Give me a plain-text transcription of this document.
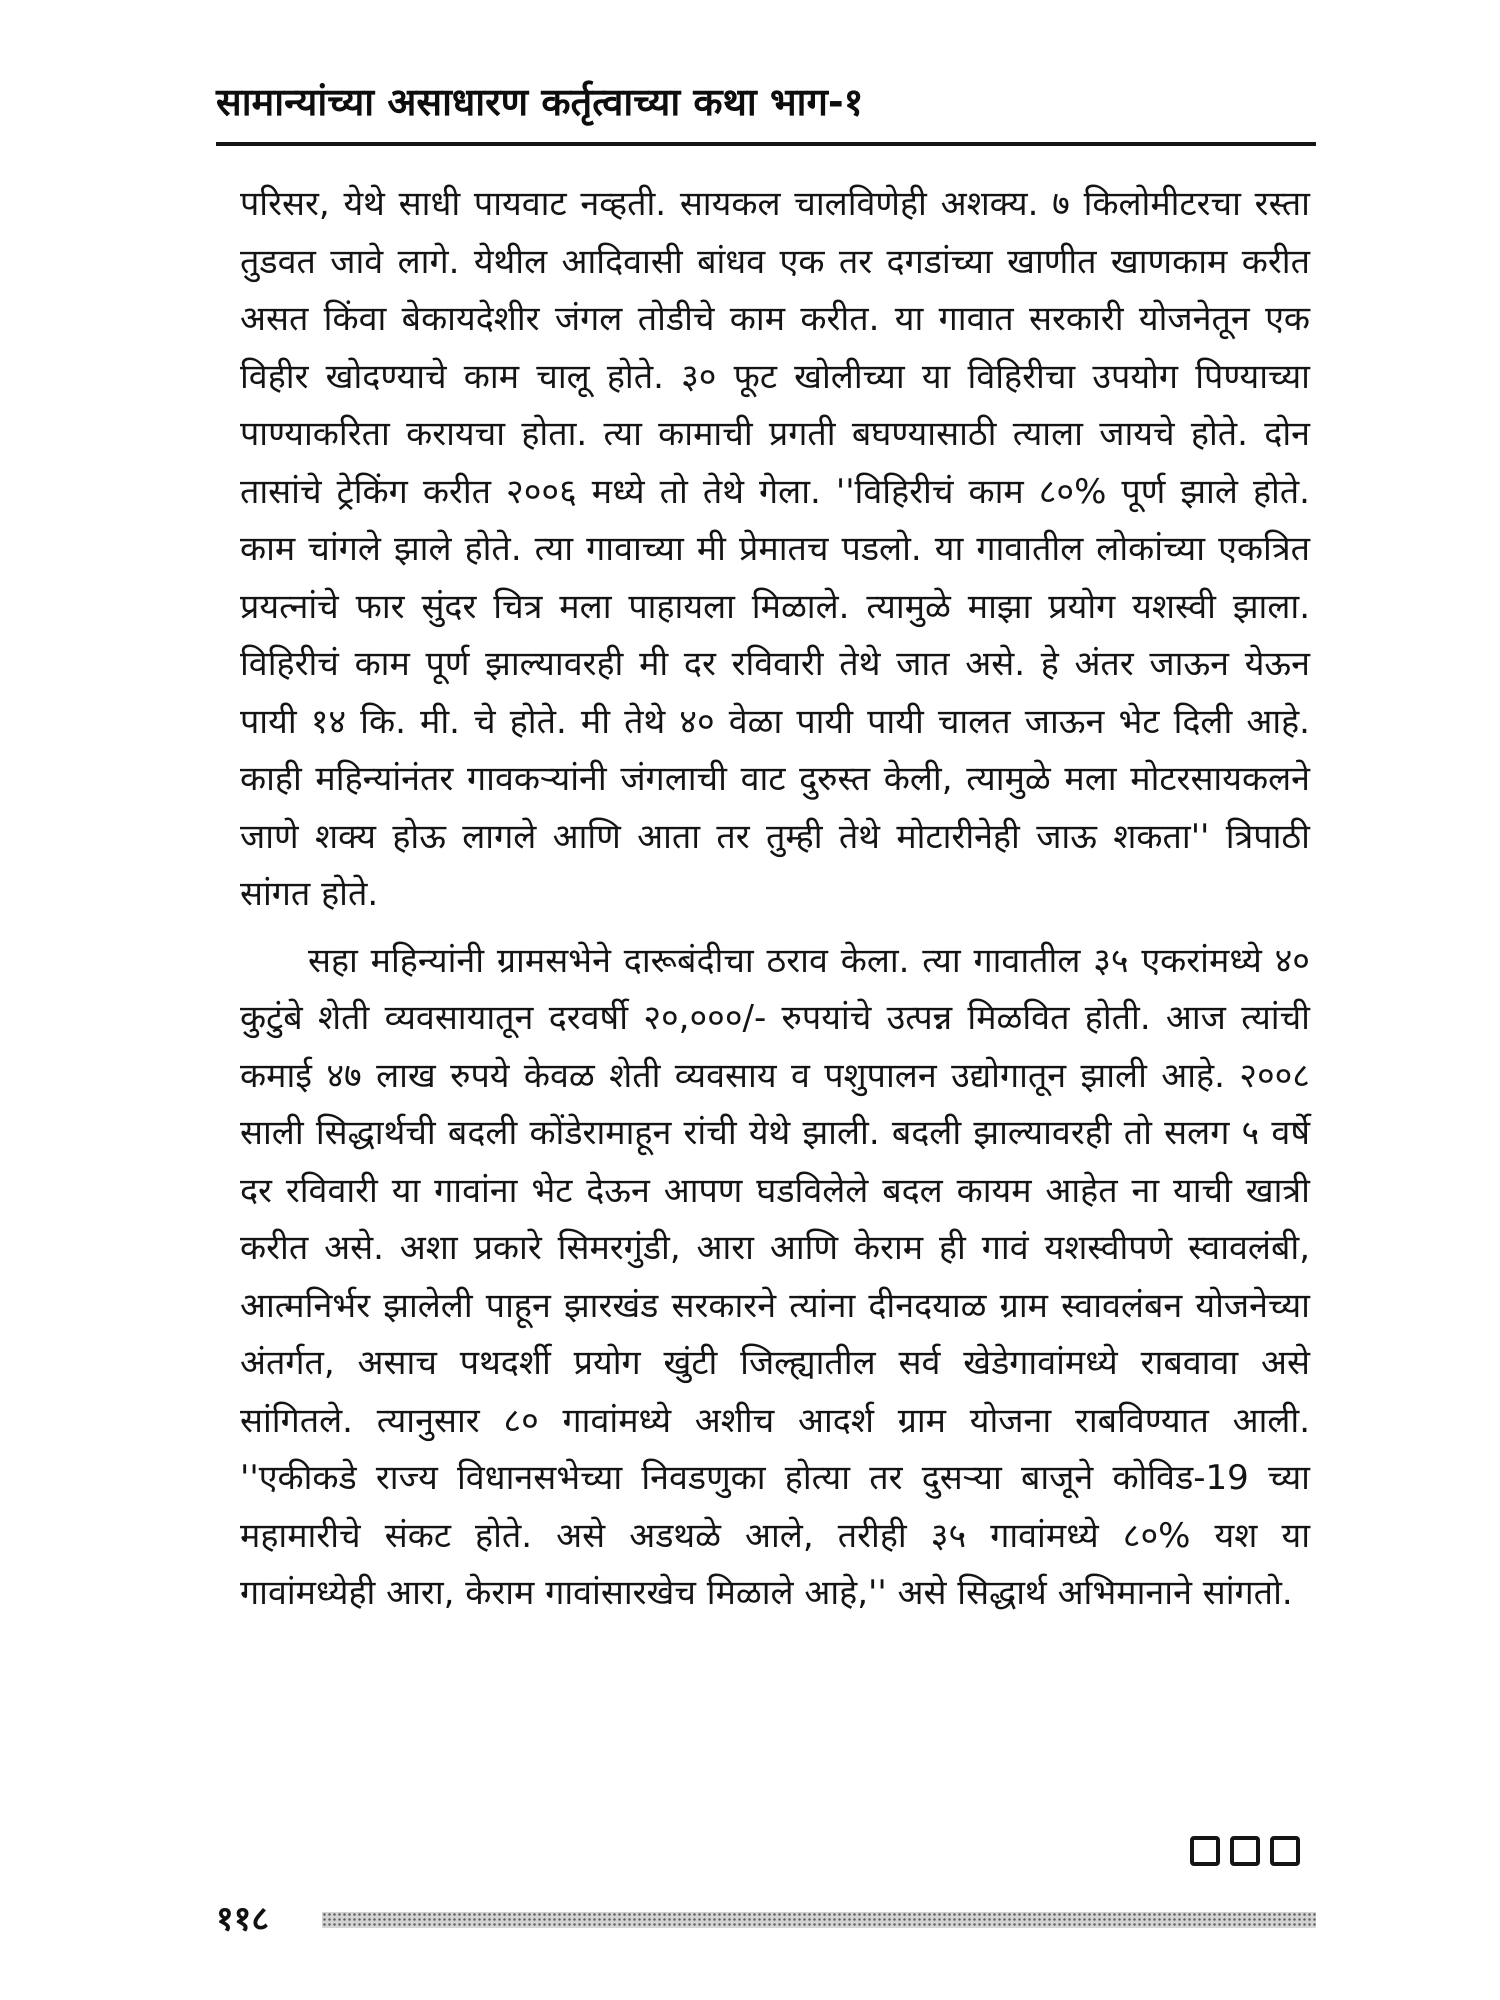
सामान्यांच्या असाधारण कर्तृत्वाच्या कथा भाग-१

परिसर, येथे साधी पायवाट नव्हती. सायकल चालविणेही अशक्य. ७ किलोमीटरचा रस्ता तुडवत जावे लागे. येथील आदिवासी बांधव एक तर दगडांच्या खाणीत खाणकाम करीत असत किंवा बेकायदेशीर जंगल तोडीचे काम करीत. या गावात सरकारी योजनेतून एक विहीर खोदण्याचे काम चालू होते. ३० फूट खोलीच्या या विहिरीचा उपयोग पिण्याच्या पाण्याकरिता करायचा होता. त्या कामाची प्रगती बघण्यासाठी त्याला जायचे होते. दोन तासांचे ट्रेकिंग करीत २००६ मध्ये तो तेथे गेला. ''विहिरीचं काम ८०% पूर्ण झाले होते. काम चांगले झाले होते. त्या गावाच्या मी प्रेमातच पडलो. या गावातील लोकांच्या एकत्रित प्रयत्नांचे फार सुंदर चित्र मला पाहायला मिळाले. त्यामुळे माझा प्रयोग यशस्वी झाला. विहिरीचं काम पूर्ण झाल्यावरही मी दर रविवारी तेथे जात असे. हे अंतर जाऊन येऊन पायी १४ कि. मी. चे होते. मी तेथे ४० वेळा पायी पायी चालत जाऊन भेट दिली आहे. काही महिन्यांनंतर गावकऱ्यांनी जंगलाची वाट दुरुस्त केली, त्यामुळे मला मोटरसायकलने जाणे शक्य होऊ लागले आणि आता तर तुम्ही तेथे मोटारीनेही जाऊ शकता'' त्रिपाठी सांगत होते.

सहा महिन्यांनी ग्रामसभेने दारूबंदीचा ठराव केला. त्या गावातील ३५ एकरांमध्ये ४० कुटुंबे शेती व्यवसायातून दरवर्षी २०,०००/- रुपयांचे उत्पन्न मिळवित होती. आज त्यांची कमाई ४७ लाख रुपये केवळ शेती व्यवसाय व पशुपालन उद्योगातून झाली आहे. २००८ साली सिद्धार्थची बदली कोंडेरामाहून रांची येथे झाली. बदली झाल्यावरही तो सलग ५ वर्षे दर रविवारी या गावांना भेट देऊन आपण घडविलेले बदल कायम आहेत ना याची खात्री करीत असे. अशा प्रकारे सिमरगुंडी, आरा आणि केराम ही गावं यशस्वीपणे स्वावलंबी, आत्मनिर्भर झालेली पाहून झारखंड सरकारने त्यांना दीनदयाळ ग्राम स्वावलंबन योजनेच्या अंतर्गत, असाच पथदर्शी प्रयोग खुंटी जिल्ह्यातील सर्व खेडेगावांमध्ये राबवावा असे सांगितले. त्यानुसार ८० गावांमध्ये अशीच आदर्श ग्राम योजना राबविण्यात आली. ''एकीकडे राज्य विधानसभेच्या निवडणुका होत्या तर दुसऱ्या बाजूने कोविड-19 च्या महामारीचे संकट होते. असे अडथळे आले, तरीही ३५ गावांमध्ये ८०% यश या गावांमध्येही आरा, केराम गावांसारखेच मिळाले आहे,'' असे सिद्धार्थ अभिमानाने सांगतो.

११८
